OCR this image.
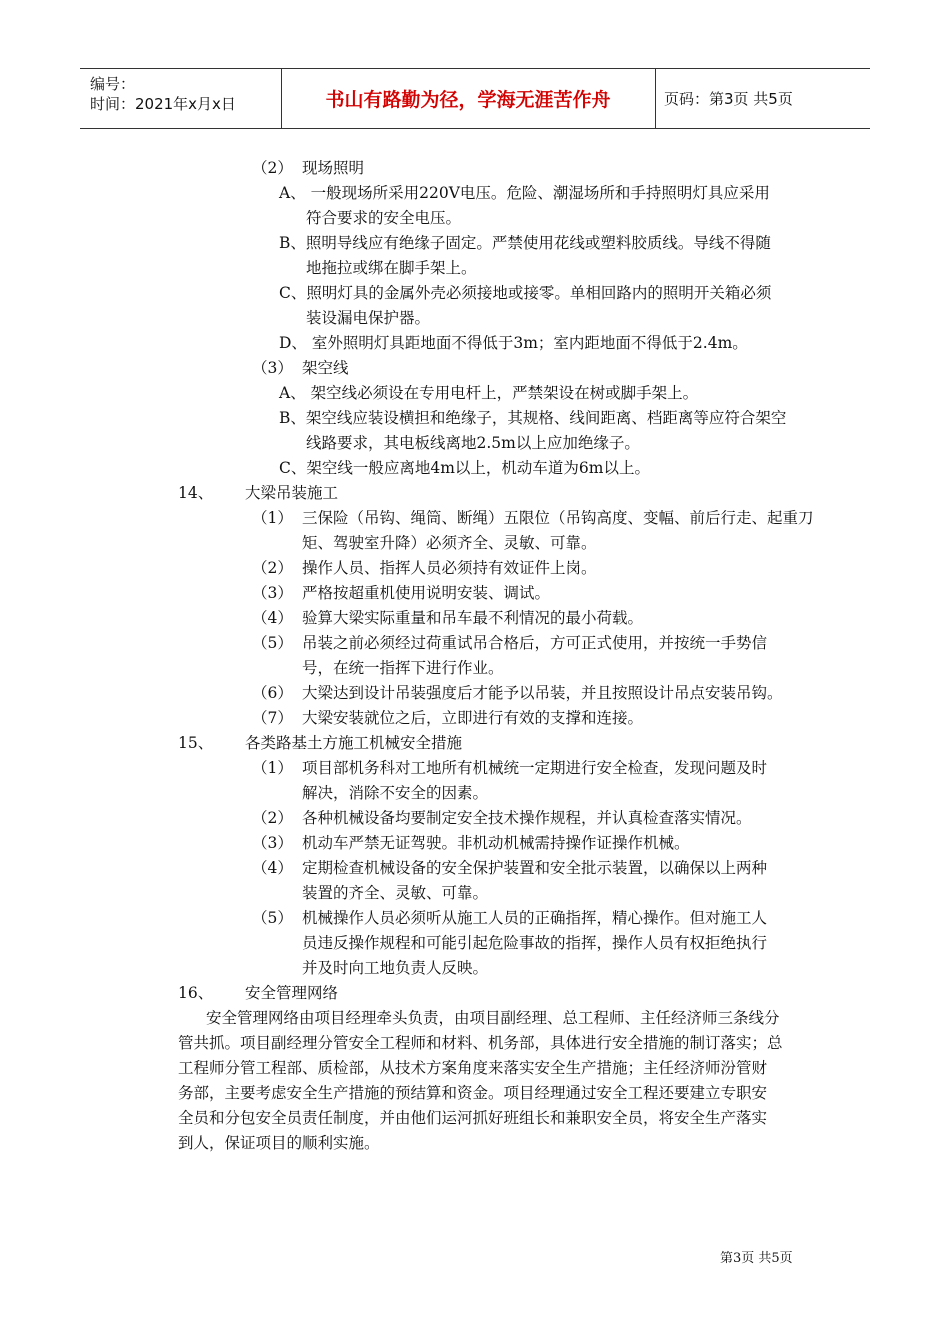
编号：
时间：2021年x月x日	书山有路勤为径，学海无涯苦作舟	页码：第3页 共5页
（2） 现场照明
A、 一般现场所采用220V电压。危险、潮湿场所和手持照明灯具应采用
符合要求的安全电压。
B、照明导线应有绝缘子固定。严禁使用花线或塑料胶质线。导线不得随
地拖拉或绑在脚手架上。
C、照明灯具的金属外壳必须接地或接零。单相回路内的照明开关箱必须
装设漏电保护器。
D、 室外照明灯具距地面不得低于3m；室内距地面不得低于2.4m。
（3） 架空线
A、 架空线必须设在专用电杆上，严禁架设在树或脚手架上。
B、架空线应装设横担和绝缘子，其规格、线间距离、档距离等应符合架空
线路要求，其电板线离地2.5m以上应加绝缘子。
C、架空线一般应离地4m以上，机动车道为6m以上。
14、 大梁吊装施工
（1） 三保险（吊钩、绳筒、断绳）五限位（吊钩高度、变幅、前后行走、起重刀
矩、驾驶室升降）必须齐全、灵敏、可靠。
（2） 操作人员、指挥人员必须持有效证件上岗。
（3） 严格按超重机使用说明安装、调试。
（4） 验算大梁实际重量和吊车最不利情况的最小荷载。
（5） 吊装之前必须经过荷重试吊合格后，方可正式使用，并按统一手势信
号，在统一指挥下进行作业。
（6） 大梁达到设计吊装强度后才能予以吊装，并且按照设计吊点安装吊钩。
（7） 大梁安装就位之后，立即进行有效的支撑和连接。
15、 各类路基土方施工机械安全措施
（1） 项目部机务科对工地所有机械统一定期进行安全检查，发现问题及时
解决，消除不安全的因素。
（2） 各种机械设备均要制定安全技术操作规程，并认真检查落实情况。
（3） 机动车严禁无证驾驶。非机动机械需持操作证操作机械。
（4） 定期检查机械设备的安全保护装置和安全批示装置，以确保以上两种
装置的齐全、灵敏、可靠。
（5） 机械操作人员必须听从施工人员的正确指挥，精心操作。但对施工人
员违反操作规程和可能引起危险事故的指挥，操作人员有权拒绝执行
并及时向工地负责人反映。
16、 安全管理网络
安全管理网络由项目经理牵头负责，由项目副经理、总工程师、主任经济师三条线分
管共抓。项目副经理分管安全工程师和材料、机务部，具体进行安全措施的制订落实；总
工程师分管工程部、质检部，从技术方案角度来落实安全生产措施；主任经济师汾管财
务部，主要考虑安全生产措施的预结算和资金。项目经理通过安全工程还要建立专职安
全员和分包安全员责任制度，并由他们运河抓好班组长和兼职安全员，将安全生产落实
到人，保证项目的顺利实施。
第3页 共5页
